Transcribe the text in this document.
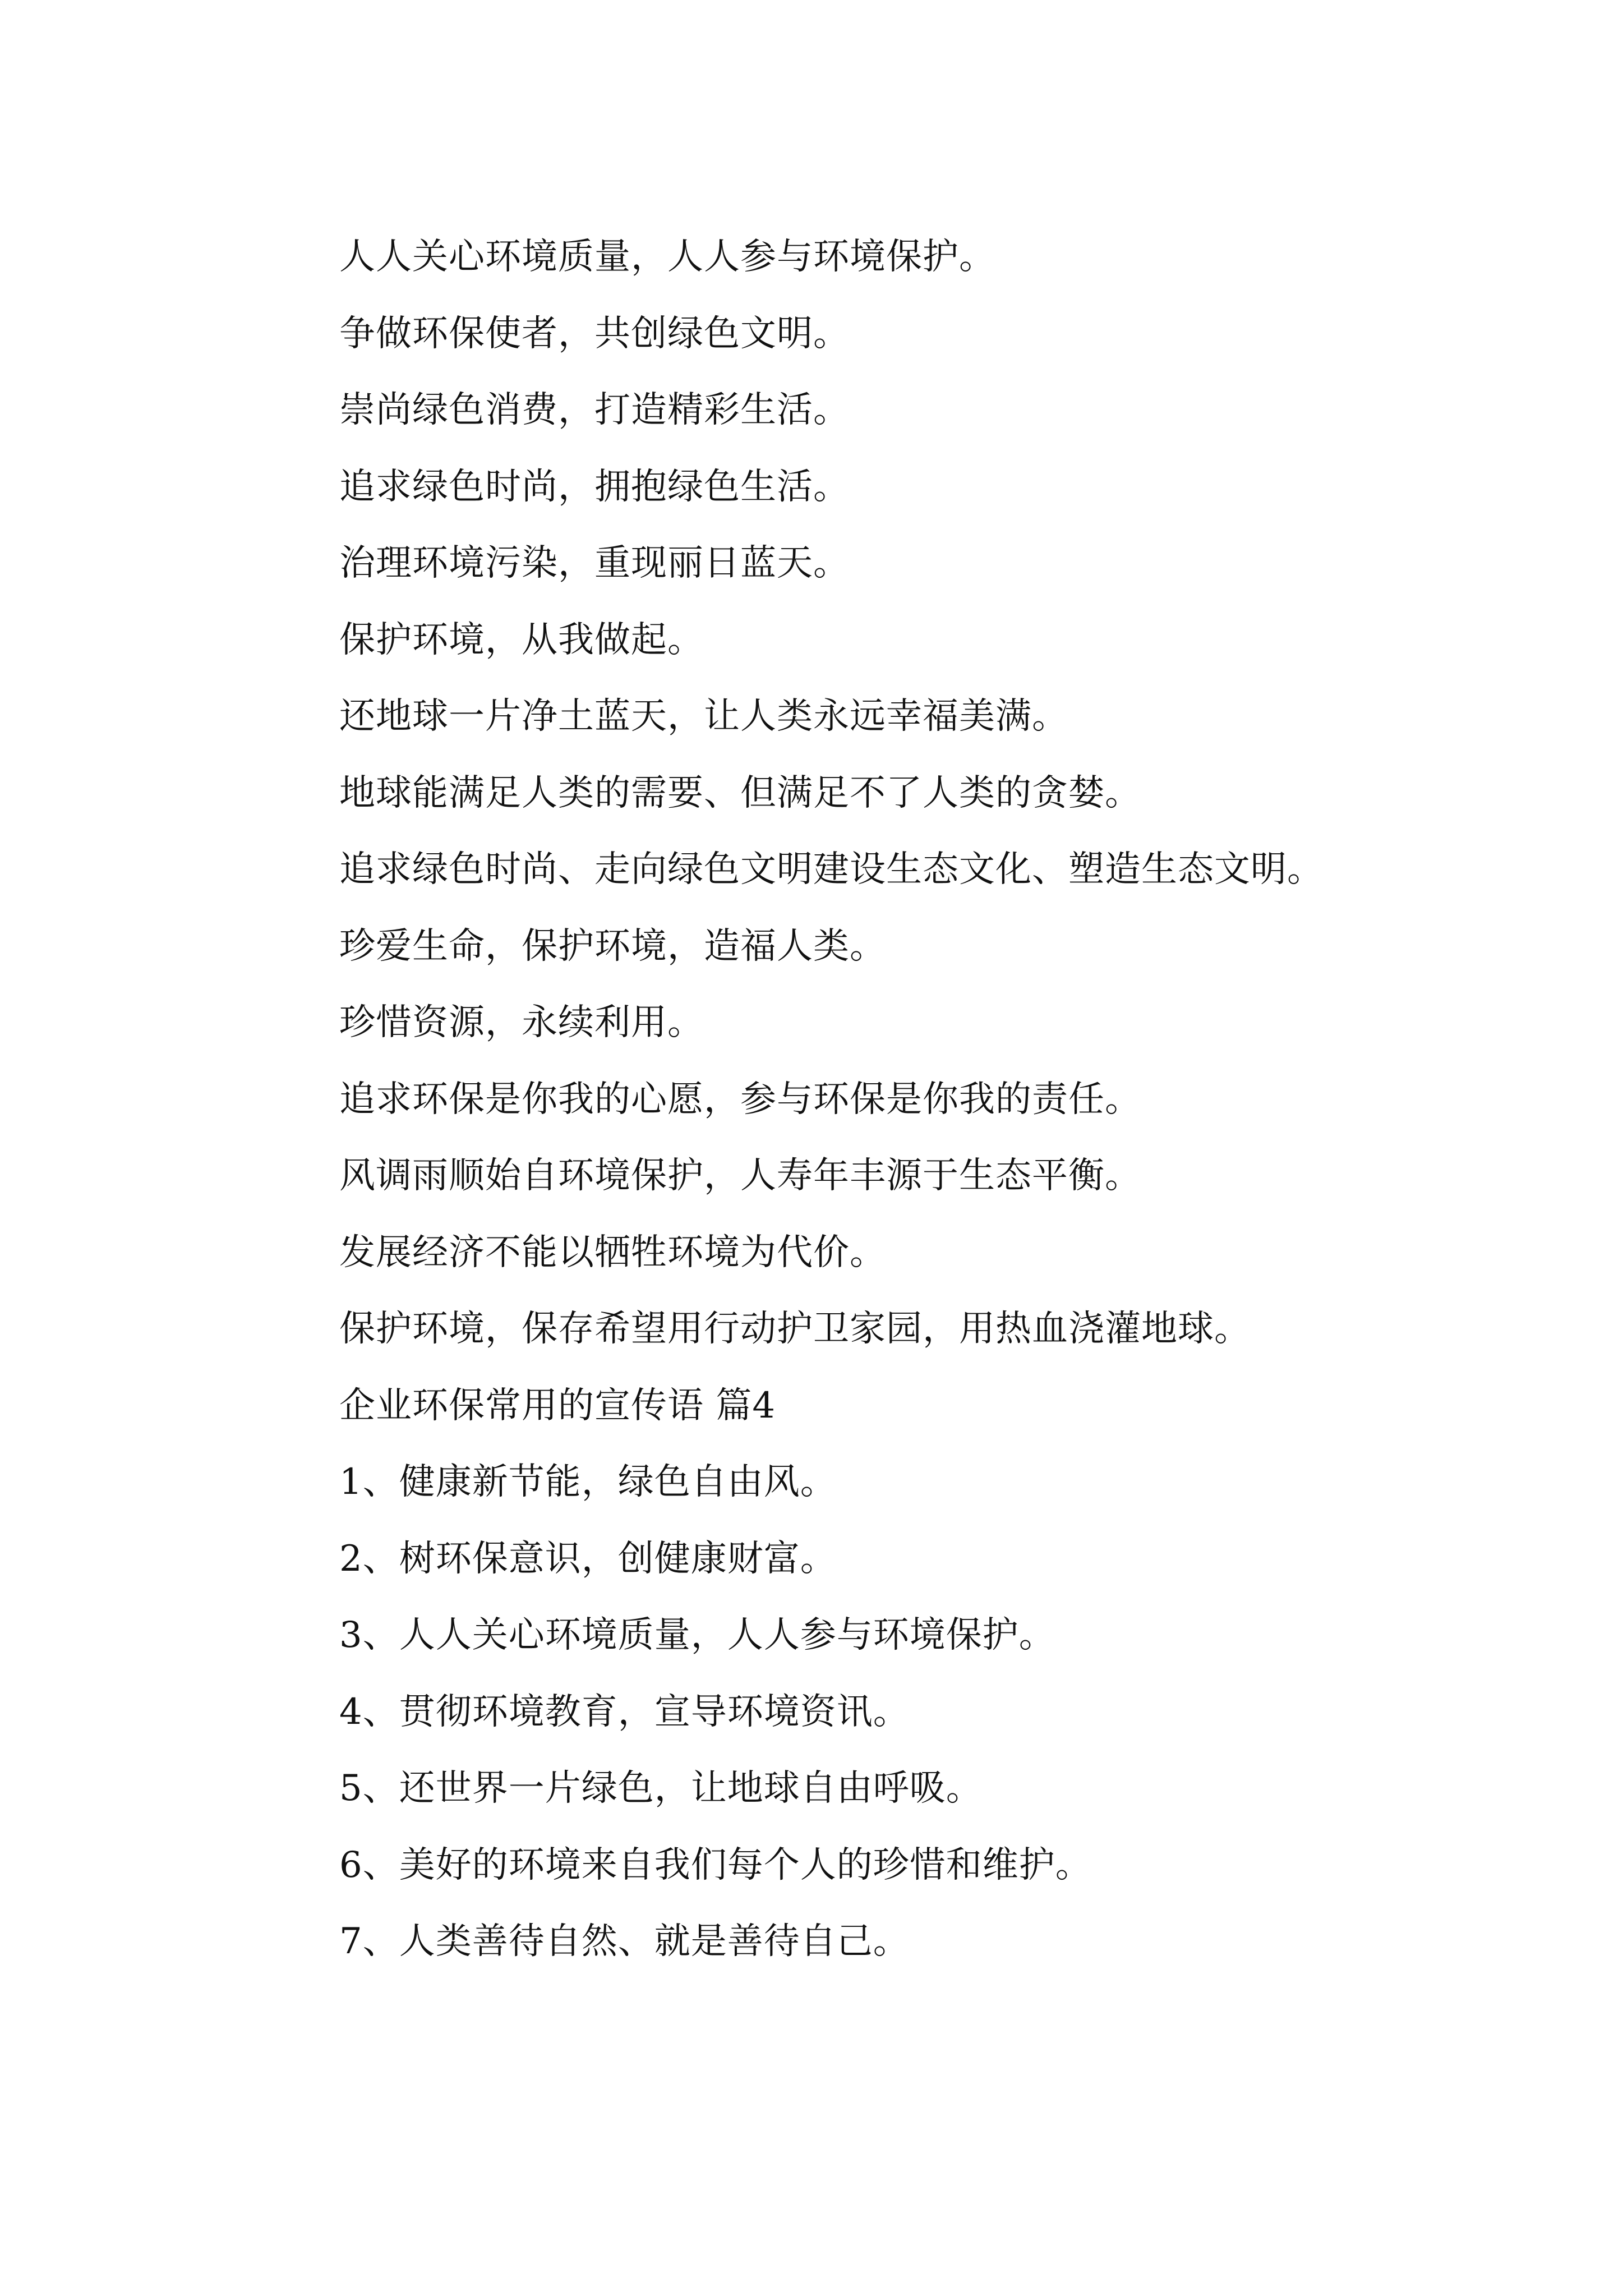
人人关心环境质量，人人参与环境保护。

争做环保使者，共创绿色文明。

崇尚绿色消费，打造精彩生活。

追求绿色时尚，拥抱绿色生活。

治理环境污染，重现丽日蓝天。

保护环境，从我做起。

还地球一片净土蓝天，让人类永远幸福美满。

地球能满足人类的需要、但满足不了人类的贪婪。

追求绿色时尚、走向绿色文明建设生态文化、塑造生态文明。

珍爱生命，保护环境，造福人类。

珍惜资源，永续利用。

追求环保是你我的心愿，参与环保是你我的责任。

风调雨顺始自环境保护，人寿年丰源于生态平衡。

发展经济不能以牺牲环境为代价。

保护环境，保存希望用行动护卫家园，用热血浇灌地球。

企业环保常用的宣传语 篇4

1、健康新节能，绿色自由风。

2、树环保意识，创健康财富。

3、人人关心环境质量，人人参与环境保护。

4、贯彻环境教育，宣导环境资讯。

5、还世界一片绿色，让地球自由呼吸。

6、美好的环境来自我们每个人的珍惜和维护。

7、人类善待自然、就是善待自己。
